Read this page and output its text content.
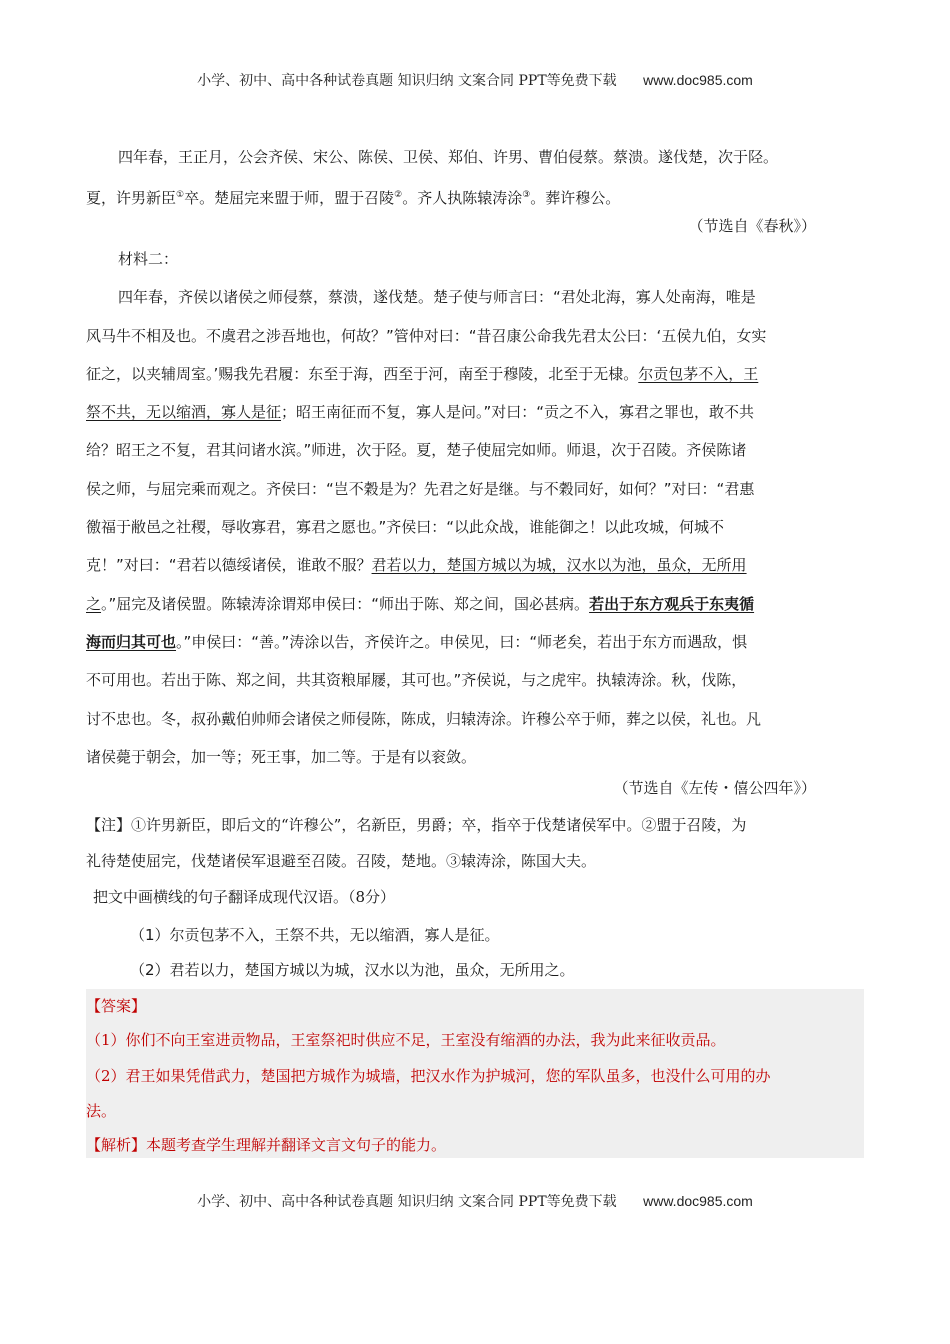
小学、初中、高中各种试卷真题 知识归纳 文案合同 PPT等免费下载 www.doc985.com
四年春，王正月，公会齐侯、宋公、陈侯、卫侯、郑伯、许男、曹伯侵蔡。蔡溃。遂伐楚，次于陉。
夏，许男新臣①卒。楚屈完来盟于师，盟于召陵②。齐人执陈辕涛涂③。葬许穆公。
（节选自《春秋》）
材料二：
四年春，齐侯以诸侯之师侵蔡，蔡溃，遂伐楚。楚子使与师言曰：“君处北海，寡人处南海，唯是
风马牛不相及也。不虞君之涉吾地也，何故？”管仲对曰：“昔召康公命我先君太公曰：‘五侯九伯，女实
征之，以夹辅周室。’赐我先君履：东至于海，西至于河，南至于穆陵，北至于无棣。尔贡包茅不入，王
祭不共，无以缩酒，寡人是征；昭王南征而不复，寡人是问。”对曰：“贡之不入，寡君之罪也，敢不共
给？昭王之不复，君其问诸水滨。”师进，次于陉。夏，楚子使屈完如师。师退，次于召陵。齐侯陈诸
侯之师，与屈完乘而观之。齐侯曰：“岂不穀是为？先君之好是继。与不穀同好，如何？”对曰：“君惠
徼福于敝邑之社稷，辱收寡君，寡君之愿也。”齐侯曰：“以此众战，谁能御之！以此攻城，何城不
克！”对曰：“君若以德绥诸侯，谁敢不服？君若以力，楚国方城以为城，汉水以为池，虽众，无所用
之。”屈完及诸侯盟。陈辕涛涂谓郑申侯曰：“师出于陈、郑之间，国必甚病。若出于东方观兵于东夷循
海而归其可也。”申侯曰：“善。”涛涂以告，齐侯许之。申侯见，曰：“师老矣，若出于东方而遇敌，惧
不可用也。若出于陈、郑之间，共其资粮屝屦，其可也。”齐侯说，与之虎牢。执辕涛涂。秋，伐陈，
讨不忠也。冬，叔孙戴伯帅师会诸侯之师侵陈，陈成，归辕涛涂。许穆公卒于师，葬之以侯，礼也。凡
诸侯薨于朝会，加一等；死王事，加二等。于是有以衮敛。
（节选自《左传・僖公四年》）
【注】①许男新臣，即后文的“许穆公”，名新臣，男爵；卒，指卒于伐楚诸侯军中。②盟于召陵，为
礼待楚使屈完，伐楚诸侯军退避至召陵。召陵，楚地。③辕涛涂，陈国大夫。
把文中画横线的句子翻译成现代汉语。（8分）
（1）尔贡包茅不入，王祭不共，无以缩酒，寡人是征。
（2）君若以力，楚国方城以为城，汉水以为池，虽众，无所用之。
【答案】
（1）你们不向王室进贡物品，王室祭祀时供应不足，王室没有缩酒的办法，我为此来征收贡品。
（2）君王如果凭借武力，楚国把方城作为城墙，把汉水作为护城河，您的军队虽多，也没什么可用的办
法。
【解析】本题考查学生理解并翻译文言文句子的能力。
小学、初中、高中各种试卷真题 知识归纳 文案合同 PPT等免费下载 www.doc985.com
